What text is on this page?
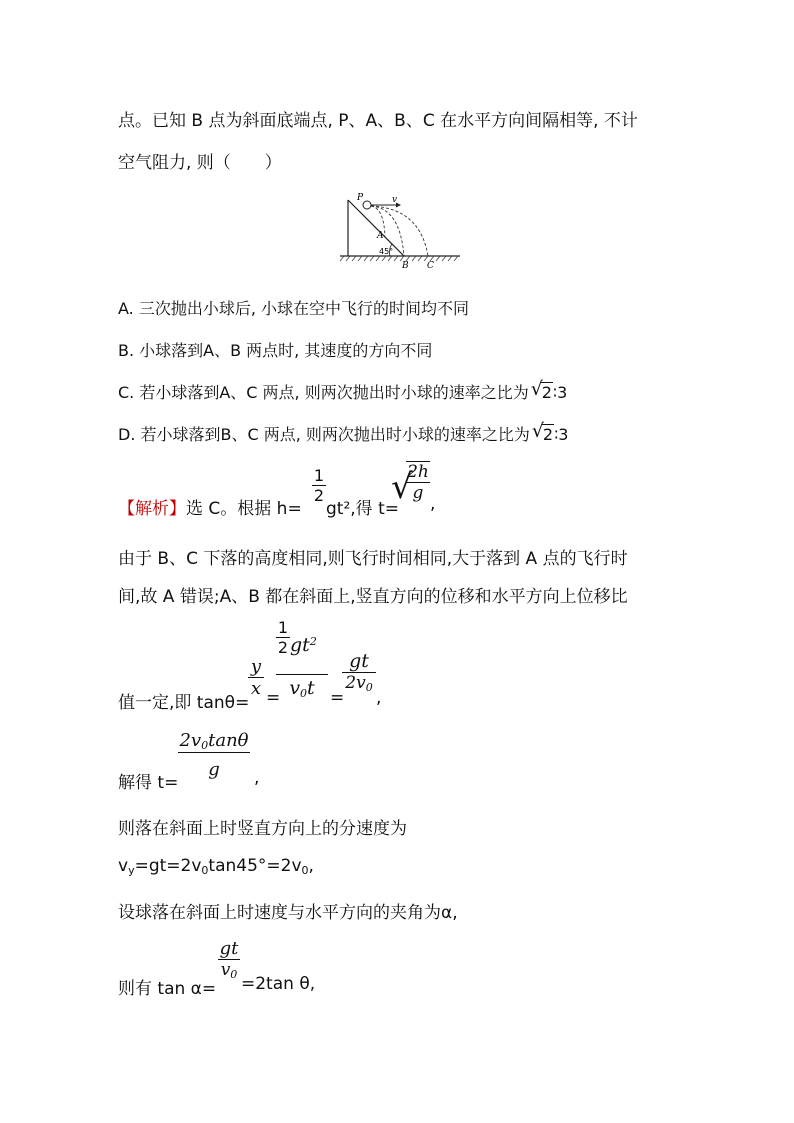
点。已知 B 点为斜面底端点, P、A、B、C 在水平方向间隔相等, 不计
空气阻力, 则（　　）
P	v
A
45°
B C
A. 三次抛出小球后, 小球在空中飞行的时间均不同
B. 小球落到A、B 两点时, 其速度的方向不同
C. 若小球落到A、C 两点, 则两次抛出时小球的速率之比为 √
2∶3
D. 若小球落到B、C 两点, 则两次抛出时小球的速率之比为 √
2∶3
【解析】选 C。根据 h=
$\frac{1}{2}$
gt²,得 t=
√
$\frac{2h}{g}$
,
由于 B、C 下落的高度相同,则飞行时间相同,大于落到 A 点的飞行时
间,故 A 错误;A、B 都在斜面上,竖直方向的位移和水平方向上位移比
值一定,即 tanθ=
$\frac{y}{x}$ =
$\frac{1}{2} gt^2$
$v_0t$ =
$\frac{gt}{2v_0}$
,
解得 t=
$\frac{2v_0\tan\theta}{g}$ ,
则落在斜面上时竖直方向上的分速度为
$v_y=gt=2v_0\tan 45^\circ=2v_0$,
设球落在斜面上时速度与水平方向的夹角为α,
则有 tan α=
$\frac{gt}{v_0}$
=2tan θ,
